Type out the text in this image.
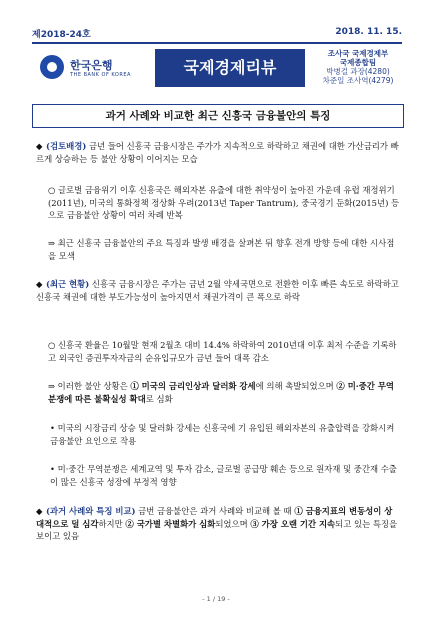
제2018-24호	2018. 11. 15.
한국은행
THE BANK OF KOREA	국제경제리뷰
조사국 국제경제부
국제종합팀
박병걸 과장(4280)
차준일 조사역(4279)
과거 사례와 비교한 최근 신흥국 금융불안의 특징
◆ (검토배경) 금년 들어 신흥국 금융시장은 주가가 지속적으로 하락하고 채권에 대한 가산금리가 빠르게 상승하는 등 불안 상황이 이어지는 모습
○ 글로벌 금융위기 이후 신흥국은 해외자본 유출에 대한 취약성이 높아진 가운데 유럽 재정위기(2011년), 미국의 통화정책 정상화 우려(2013년 Taper Tantrum), 중국경기 둔화(2015년) 등으로 금융불안 상황이 여러 차례 반복
⇒ 최근 신흥국 금융불안의 주요 특징과 발생 배경을 살펴본 뒤 향후 전개 방향 등에 대한 시사점을 모색
◆ (최근 현황) 신흥국 금융시장은 주가는 금년 2월 약세국면으로 전환한 이후 빠른 속도로 하락하고 신흥국 채권에 대한 부도가능성이 높아지면서 채권가격이 큰 폭으로 하락
○ 신흥국 환율은 10월말 현재 2월초 대비 14.4% 하락하여 2010년대 이후 최저 수준을 기록하고 외국인 증권투자자금의 순유입규모가 금년 들어 대폭 감소
⇒ 이러한 불안 상황은 ① 미국의 금리인상과 달러화 강세에 의해 촉발되었으며 ② 미·중간 무역분쟁에 따른 불확실성 확대로 심화
• 미국의 시장금리 상승 및 달러화 강세는 신흥국에 기 유입된 해외자본의 유출압력을 강화시켜 금융불안 요인으로 작용
• 미·중간 무역분쟁은 세계교역 및 투자 감소, 글로벌 공급망 훼손 등으로 원자재 및 중간재 수출이 많은 신흥국 성장에 부정적 영향
◆ (과거 사례와 특징 비교) 금번 금융불안은 과거 사례와 비교해 볼 때 ① 금융지표의 변동성이 상대적으로 덜 심각하지만 ② 국가별 차별화가 심화되었으며 ③ 가장 오랜 기간 지속되고 있는 특징을 보이고 있음
- 1 / 19 -
